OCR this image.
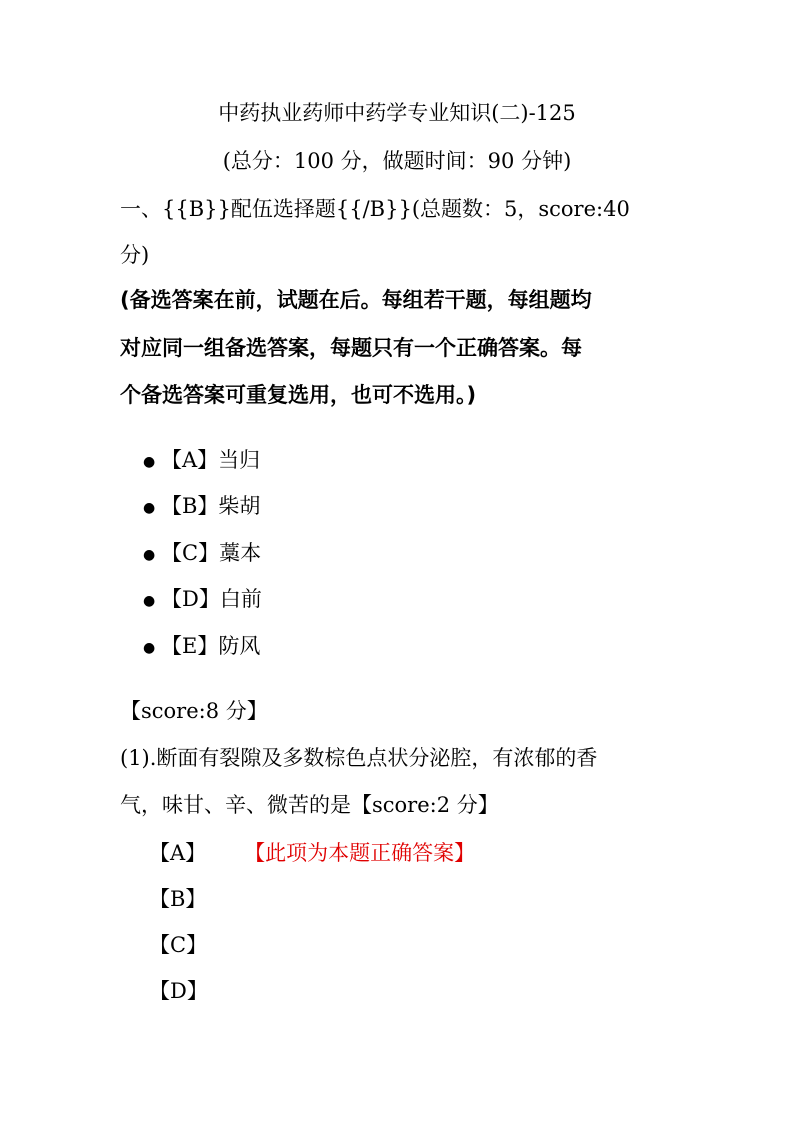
中药执业药师中药学专业知识(二)-125
(总分：100 分，做题时间：90 分钟)
一、{{B}}配伍选择题{{/B}}(总题数：5，score:40
分)
(备选答案在前，试题在后。每组若干题，每组题均
对应同一组备选答案，每题只有一个正确答案。每
个备选答案可重复选用，也可不选用。)
● 【A】当归
● 【B】柴胡
● 【C】藁本
● 【D】白前
● 【E】防风
【score:8 分】
(1).断面有裂隙及多数棕色点状分泌腔，有浓郁的香
气，味甘、辛、微苦的是【score:2 分】
【A】 【此项为本题正确答案】
【B】
【C】
【D】
